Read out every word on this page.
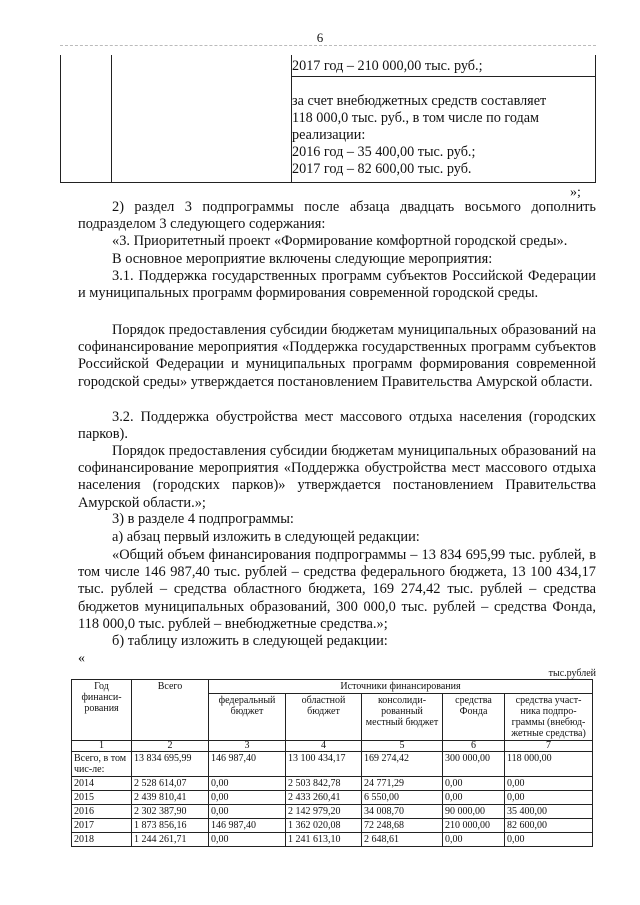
6
2017 год – 210 000,00 тыс. руб.;
за счет внебюджетных средств составляет
118 000,0 тыс. руб., в том числе по годам
реализации:
2016 год – 35 400,00 тыс. руб.;
2017 год – 82 600,00 тыс. руб.
»;

2) раздел 3 подпрограммы после абзаца двадцать восьмого дополнить подразделом 3 следующего содержания:

«3. Приоритетный проект «Формирование комфортной городской среды».

В основное мероприятие включены следующие мероприятия:

3.1. Поддержка государственных программ субъектов Российской Федерации и муниципальных программ формирования современной городской среды.

Порядок предоставления субсидии бюджетам муниципальных образований на софинансирование мероприятия «Поддержка государственных программ субъектов Российской Федерации и муниципальных программ формирования современной городской среды» утверждается постановлением Правительства Амурской области.

3.2. Поддержка обустройства мест массового отдыха населения (городских парков).

Порядок предоставления субсидии бюджетам муниципальных образований на софинансирование мероприятия «Поддержка обустройства мест массового отдыха населения (городских парков)» утверждается постановлением Правительства Амурской области.»;

3) в разделе 4 подпрограммы:

а) абзац первый изложить в следующей редакции:

«Общий объем финансирования подпрограммы – 13 834 695,99 тыс. рублей, в том числе 146 987,40 тыс. рублей – средства федерального бюджета, 13 100 434,17 тыс. рублей – средства областного бюджета, 169 274,42 тыс. рублей – средства бюджетов муниципальных образований, 300 000,0 тыс. рублей – средства Фонда, 118 000,0 тыс. рублей – внебюджетные средства.»;

б) таблицу изложить в следующей редакции:

«
тыс.рублей
Год финанси-рования	Всего	Источники финансирования				
		федеральный бюджет	областной бюджет	консолиди-рованный местный бюджет	средства Фонда	средства участ-ника подпро-граммы (внебюд-жетные средства)
1	2	3	4	5	6	7
Всего, в том чис-ле:	13 834 695,99	146 987,40	13 100 434,17	169 274,42	300 000,00	118 000,00
2014	2 528 614,07	0,00	2 503 842,78	24 771,29	0,00	0,00
2015	2 439 810,41	0,00	2 433 260,41	6 550,00	0,00	0,00
2016	2 302 387,90	0,00	2 142 979,20	34 008,70	90 000,00	35 400,00
2017	1 873 856,16	146 987,40	1 362 020,08	72 248,68	210 000,00	82 600,00
2018	1 244 261,71	0,00	1 241 613,10	2 648,61	0,00	0,00
